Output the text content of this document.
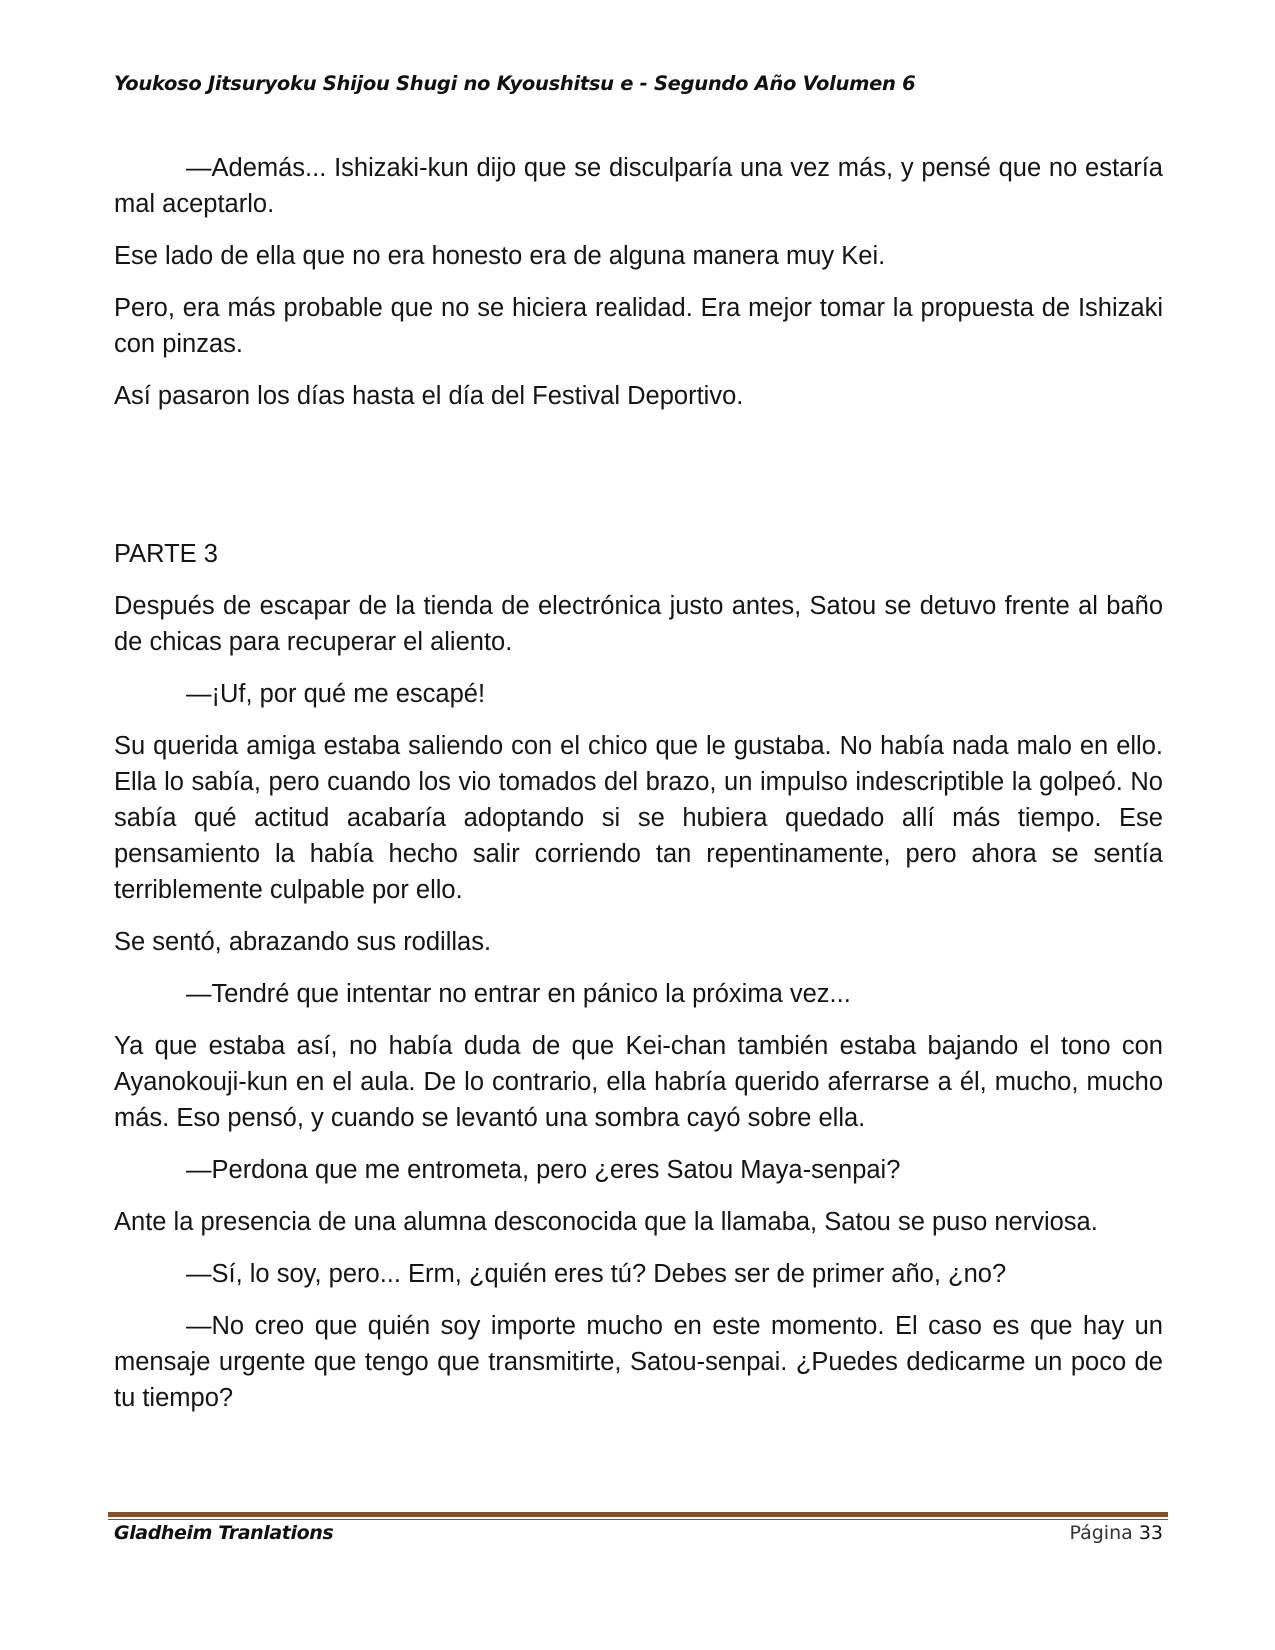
Youkoso Jitsuryoku Shijou Shugi no Kyoushitsu e - Segundo Año Volumen 6

—Además... Ishizaki-kun dijo que se disculparía una vez más, y pensé que no estaría mal aceptarlo.

Ese lado de ella que no era honesto era de alguna manera muy Kei.

Pero, era más probable que no se hiciera realidad. Era mejor tomar la propuesta de Ishizaki con pinzas.

Así pasaron los días hasta el día del Festival Deportivo.

PARTE 3

Después de escapar de la tienda de electrónica justo antes, Satou se detuvo frente al baño de chicas para recuperar el aliento.

—¡Uf, por qué me escapé!

Su querida amiga estaba saliendo con el chico que le gustaba. No había nada malo en ello. Ella lo sabía, pero cuando los vio tomados del brazo, un impulso indescriptible la golpeó. No sabía qué actitud acabaría adoptando si se hubiera quedado allí más tiempo. Ese pensamiento la había hecho salir corriendo tan repentinamente, pero ahora se sentía terriblemente culpable por ello.

Se sentó, abrazando sus rodillas.

—Tendré que intentar no entrar en pánico la próxima vez...

Ya que estaba así, no había duda de que Kei-chan también estaba bajando el tono con Ayanokouji-kun en el aula. De lo contrario, ella habría querido aferrarse a él, mucho, mucho más. Eso pensó, y cuando se levantó una sombra cayó sobre ella.

—Perdona que me entrometa, pero ¿eres Satou Maya-senpai?

Ante la presencia de una alumna desconocida que la llamaba, Satou se puso nerviosa.

—Sí, lo soy, pero... Erm, ¿quién eres tú? Debes ser de primer año, ¿no?

—No creo que quién soy importe mucho en este momento. El caso es que hay un mensaje urgente que tengo que transmitirte, Satou-senpai. ¿Puedes dedicarme un poco de tu tiempo?

Gladheim Tranlations	Página 33
